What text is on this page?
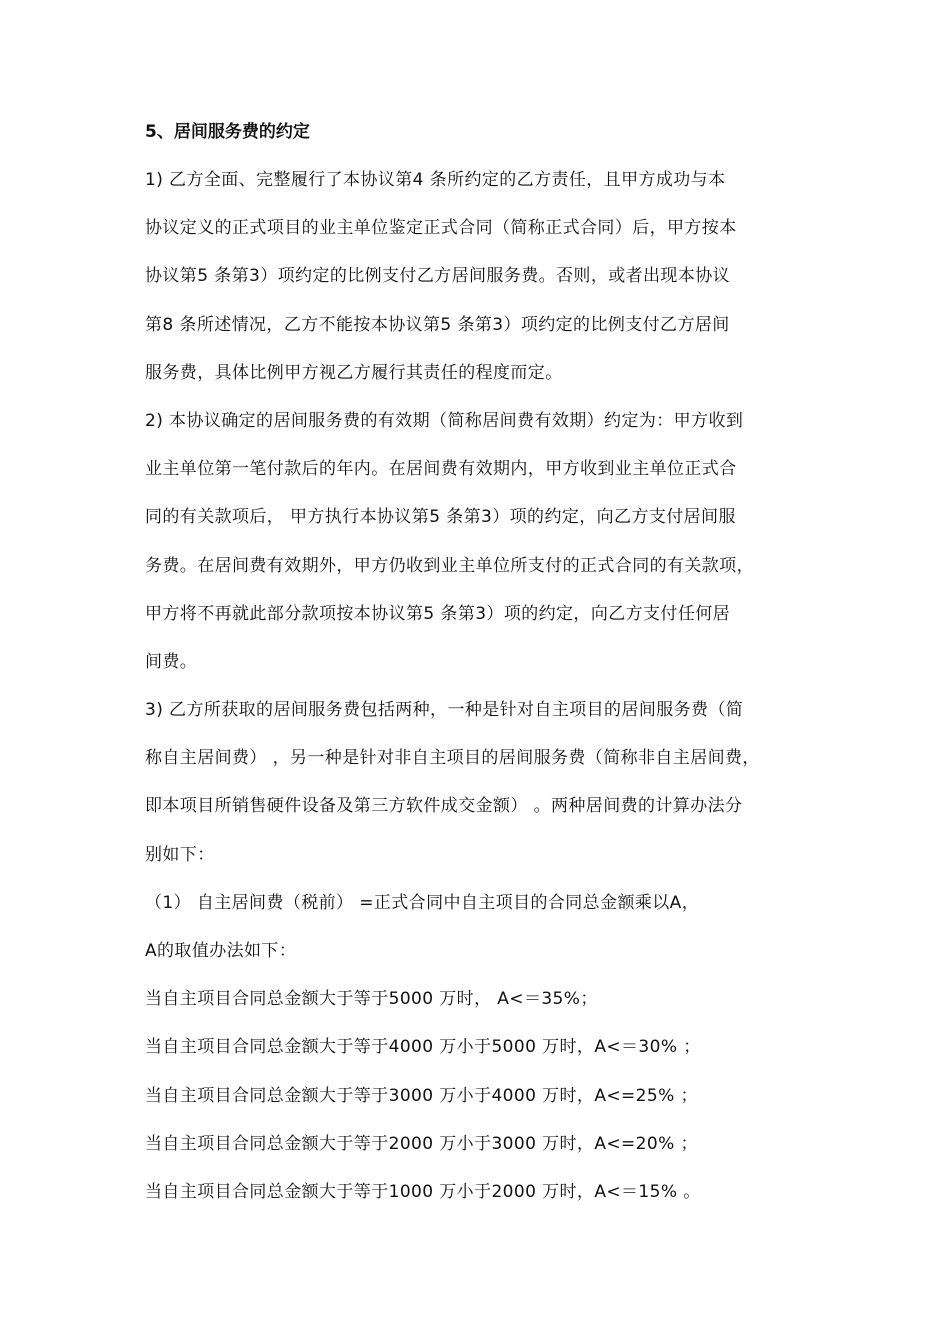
5、居间服务费的约定
1) 乙方全面、完整履行了本协议第4 条所约定的乙方责任，且甲方成功与本
协议定义的正式项目的业主单位鉴定正式合同（简称正式合同）后，甲方按本
协议第5 条第3）项约定的比例支付乙方居间服务费。否则，或者出现本协议
第8 条所述情况，乙方不能按本协议第5 条第3）项约定的比例支付乙方居间
服务费，具体比例甲方视乙方履行其责任的程度而定。
2) 本协议确定的居间服务费的有效期（简称居间费有效期）约定为：甲方收到
业主单位第一笔付款后的年内。在居间费有效期内，甲方收到业主单位正式合
同的有关款项后， 甲方执行本协议第5 条第3）项的约定，向乙方支付居间服
务费。在居间费有效期外，甲方仍收到业主单位所支付的正式合同的有关款项，
甲方将不再就此部分款项按本协议第5 条第3）项的约定，向乙方支付任何居
间费。
3) 乙方所获取的居间服务费包括两种，一种是针对自主项目的居间服务费（简
称自主居间费） ，另一种是针对非自主项目的居间服务费（简称非自主居间费，
即本项目所销售硬件设备及第三方软件成交金额） 。两种居间费的计算办法分
别如下：
（1） 自主居间费（税前） =正式合同中自主项目的合同总金额乘以A，
A的取值办法如下：
当自主项目合同总金额大于等于5000 万时， A<＝35%；
当自主项目合同总金额大于等于4000 万小于5000 万时，A<＝30% ；
当自主项目合同总金额大于等于3000 万小于4000 万时，A<=25% ；
当自主项目合同总金额大于等于2000 万小于3000 万时，A<=20% ；
当自主项目合同总金额大于等于1000 万小于2000 万时，A<＝15% 。
